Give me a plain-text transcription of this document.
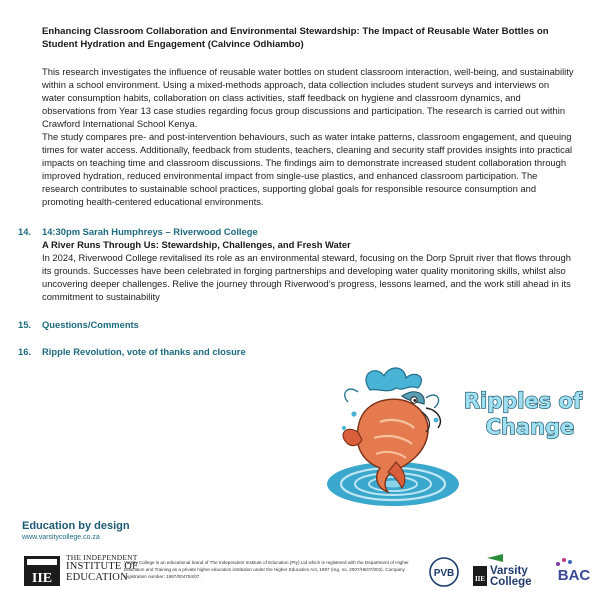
Enhancing Classroom Collaboration and Environmental Stewardship: The Impact of Reusable Water Bottles on Student Hydration and Engagement (Calvince Odhiambo)

This research investigates the influence of reusable water bottles on student classroom interaction, well-being, and sustainability within a school environment. Using a mixed-methods approach, data collection includes student surveys and interviews on water consumption habits, collaboration on class activities, staff feedback on hygiene and classroom dynamics, and observations from Year 13 case studies regarding focus group discussions and participation. The research is carried out within Crawford International School Kenya.

The study compares pre- and post-intervention behaviours, such as water intake patterns, classroom engagement, and queuing times for water access. Additionally, feedback from students, teachers, cleaning and security staff provides insights into practical impacts on teaching time and classroom discussions. The findings aim to demonstrate increased student collaboration through improved hydration, reduced environmental impact from single-use plastics, and enhanced classroom participation. The research contributes to sustainable school practices, supporting global goals for responsible resource consumption and promoting health-centered educational environments.

14.	14:30pm Sarah Humphreys – Riverwood College
A River Runs Through Us: Stewardship, Challenges, and Fresh Water
In 2024, Riverwood College revitalised its role as an environmental steward, focusing on the Dorp Spruit river that flows through its grounds. Successes have been celebrated in forging partnerships and developing water quality monitoring skills, whilst also uncovering deeper challenges. Relive the journey through Riverwood’s progress, lessons learned, and the work still ahead in its commitment to sustainability
15.	Questions/Comments
16.	Ripple Revolution, vote of thanks and closure
Ripples of
Change
Education by design
www.varsitycollege.co.za
IIE
THE INDEPENDENT
INSTITUTE OF
EDUCATION
Varsity College is an educational brand of The Independent Institute of Education (Pty) Ltd which is registered with the Department of Higher Education and Training as a private higher education institution under the Higher Education Act, 1997 (reg. no. 2007/HE07/002). Company registration number: 1987/004754/07.	PVB	IIE
Varsity
College BAC
